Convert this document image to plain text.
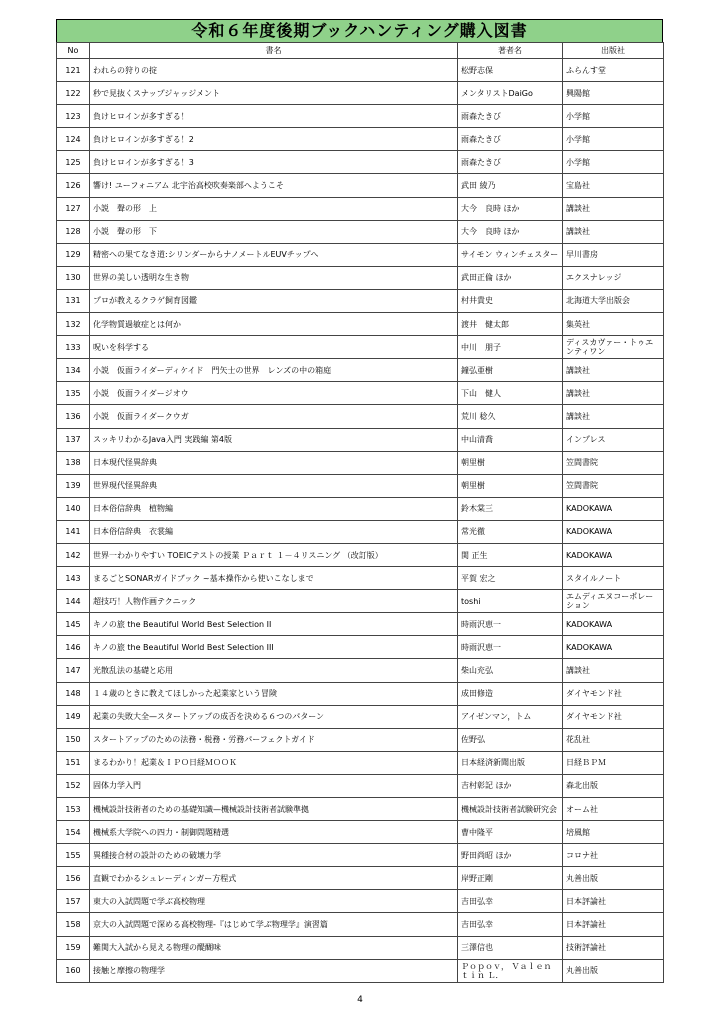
令和６年度後期ブックハンティング購入図書
No	書名	著者名	出版社
121	われらの狩りの掟	松野志保	ふらんす堂
122	秒で見抜くスナップジャッジメント	メンタリストDaiGo	興陽館
123	負けヒロインが多すぎる！	雨森たきび	小学館
124	負けヒロインが多すぎる！2	雨森たきび	小学館
125	負けヒロインが多すぎる！3	雨森たきび	小学館
126	響け! ユーフォニアム 北宇治高校吹奏楽部へようこそ	武田 綾乃	宝島社
127	小説　聲の形　上	大今　良時 ほか	講談社
128	小説　聲の形　下	大今　良時 ほか	講談社
129	精密への果てなき道:シリンダーからナノメートルEUVチップへ	サイモン ウィンチェスター	早川書房
130	世界の美しい透明な生き物	武田正倫 ほか	エクスナレッジ
131	プロが教えるクラゲ飼育図鑑	村井貴史	北海道大学出版会
132	化学物質過敏症とは何か	渡井　健太郎	集英社
133	呪いを科学する	中川　朋子	ディスカヴァー・トゥエンティワン
134	小説　仮面ライダーディケイド　門矢士の世界　レンズの中の箱庭	鐘弘亜樹	講談社
135	小説　仮面ライダージオウ	下山　健人	講談社
136	小説　仮面ライダークウガ	荒川 稔久	講談社
137	スッキリわかるJava入門 実践編 第4版	中山清喬	インプレス
138	日本現代怪異辞典	朝里樹	笠間書院
139	世界現代怪異辞典	朝里樹	笠間書院
140	日本俗信辞典　植物編	鈴木棠三	KADOKAWA
141	日本俗信辞典　衣裳編	常光徹	KADOKAWA
142	世界一わかりやすい TOEICテストの授業 Ｐａｒｔ １－４リスニング （改訂版）	関 正生	KADOKAWA
143	まるごとSONARガイドブック ~基本操作から使いこなしまで	平賀 宏之	スタイルノート
144	超技巧！人物作画テクニック	toshi	エムディエヌコーポレーション
145	キノの旅 the Beautiful World Best Selection II	時雨沢恵一	KADOKAWA
146	キノの旅 the Beautiful World Best Selection III	時雨沢恵一	KADOKAWA
147	光散乱法の基礎と応用	柴山充弘	講談社
148	１４歳のときに教えてほしかった起業家という冒険	成田修造	ダイヤモンド社
149	起業の失敗大全—スタートアップの成否を決める６つのパターン	アイゼンマン，トム	ダイヤモンド社
150	スタートアップのための法務・税務・労務パーフェクトガイド	佐野弘	花乱社
151	まるわかり！起業＆ＩＰＯ日経ＭＯＯＫ	日本経済新聞出版	日経ＢＰＭ
152	固体力学入門	吉村彰記 ほか	森北出版
153	機械設計技術者のための基礎知識—機械設計技術者試験準拠	機械設計技術者試験研究会	オーム社
154	機械系大学院への四力・制御問題精選	曹中隆平	培風館
155	異種接合材の設計のための破壊力学	野田尚昭 ほか	コロナ社
156	直観でわかるシュレーディンガー方程式	岸野正剛	丸善出版
157	東大の入試問題で学ぶ高校物理	吉田弘幸	日本評論社
158	京大の入試問題で深める高校物理-『はじめて学ぶ物理学』演習篇	吉田弘幸	日本評論社
159	難関大入試から見える物理の醍醐味	三澤信也	技術評論社
160	接触と摩擦の物理学	Ｐｏｐｏｖ， Ｖａｌｅｎｔｉｎ Ｌ．	丸善出版
4
